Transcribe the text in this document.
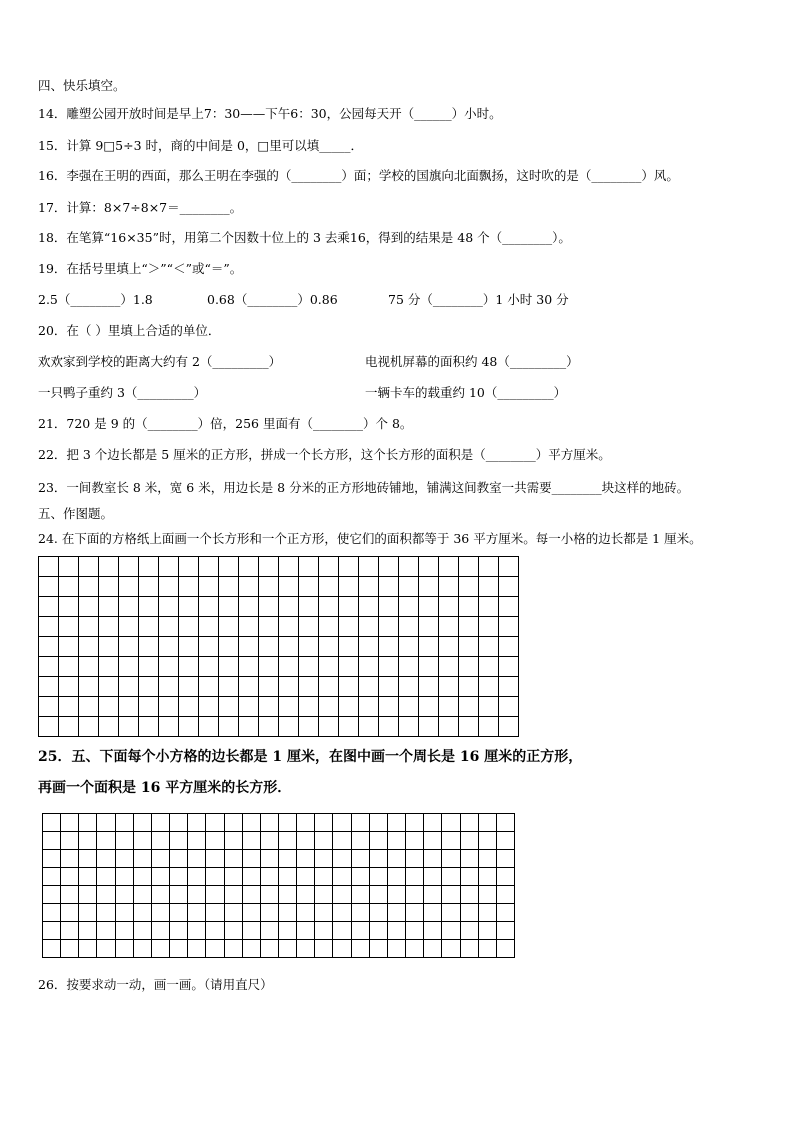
四、快乐填空。
14．雕塑公园开放时间是早上7：30——下午6：30，公园每天开（______）小时。
15．计算 9□5÷3 时，商的中间是 0，□里可以填_____．
16．李强在王明的西面，那么王明在李强的（________）面；学校的国旗向北面飘扬，这时吹的是（________）风。
17．计算：8×7÷8×7＝________。
18．在笔算“16×35”时，用第二个因数十位上的 3 去乘16，得到的结果是 48 个（________）。
19．在括号里填上“＞”“＜”或“＝”。
2.5（________）1.8	0.68（________）0.86	75 分（________）1 小时 30 分
20．在（ ）里填上合适的单位．
欢欢家到学校的距离大约有 2（_________）	电视机屏幕的面积约 48（_________）
一只鸭子重约 3（_________）	一辆卡车的载重约 10（_________）
21．720 是 9 的（________）倍，256 里面有（________）个 8。
22．把 3 个边长都是 5 厘米的正方形，拼成一个长方形，这个长方形的面积是（________）平方厘米。
23．一间教室长 8 米，宽 6 米，用边长是 8 分米的正方形地砖铺地，铺满这间教室一共需要________块这样的地砖。
五、作图题。
24. 在下面的方格纸上面画一个长方形和一个正方形，使它们的面积都等于 36 平方厘米。每一小格的边长都是 1 厘米。
25．五、下面每个小方格的边长都是 1 厘米，在图中画一个周长是 16 厘米的正方形，
再画一个面积是 16 平方厘米的长方形．
26．按要求动一动，画一画。（请用直尺）
